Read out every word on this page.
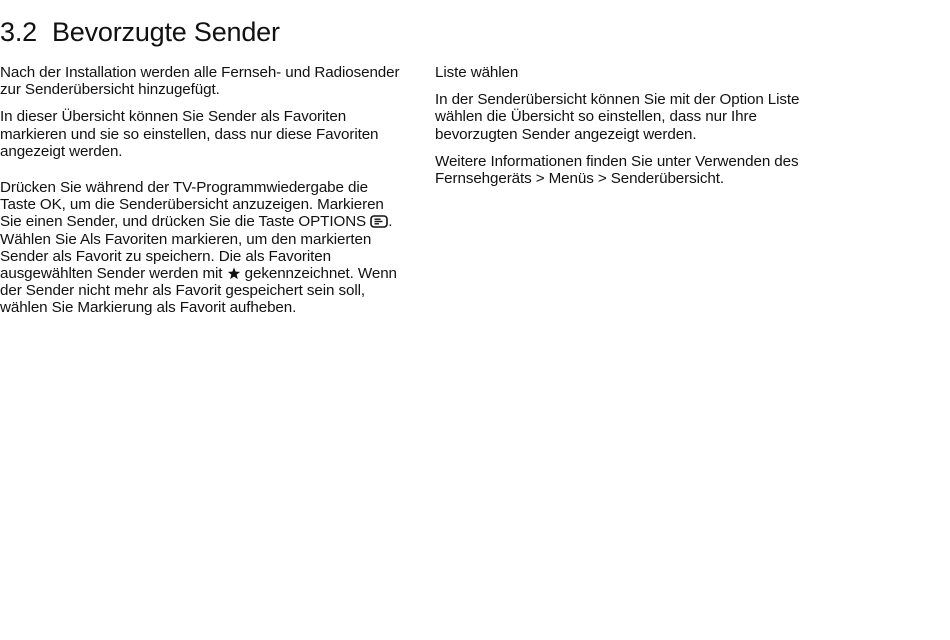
3.2 Bevorzugte Sender

Nach der Installation werden alle Fernseh- und Radiosender zur Senderübersicht hinzugefügt.

In dieser Übersicht können Sie Sender als Favoriten markieren und sie so einstellen, dass nur diese Favoriten angezeigt werden.

Drücken Sie während der TV-Programmwiedergabe die Taste OK, um die Senderübersicht anzuzeigen. Markieren Sie einen Sender, und drücken Sie die Taste OPTIONS . Wählen Sie Als Favoriten markieren, um den markierten Sender als Favorit zu speichern. Die als Favoriten ausgewählten Sender werden mit gekennzeichnet. Wenn der Sender nicht mehr als Favorit gespeichert sein soll, wählen Sie Markierung als Favorit aufheben.

Liste wählen

In der Senderübersicht können Sie mit der Option Liste wählen die Übersicht so einstellen, dass nur Ihre bevorzugten Sender angezeigt werden.

Weitere Informationen finden Sie unter Verwenden des Fernsehgeräts > Menüs > Senderübersicht.
